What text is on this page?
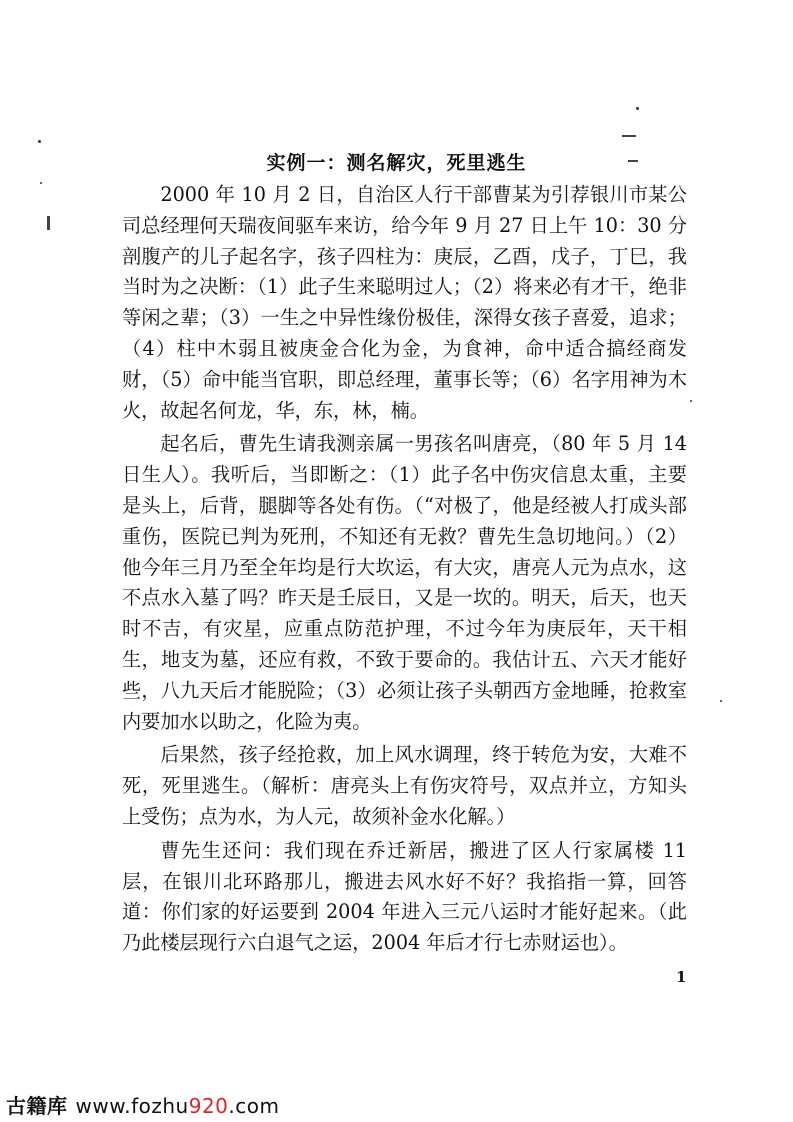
实例一：测名解灾，死里逃生

2000 年 10 月 2 日，自治区人行干部曹某为引荐银川市某公司总经理何天瑞夜间驱车来访，给今年 9 月 27 日上午 10：30 分剖腹产的儿子起名字，孩子四柱为：庚辰，乙酉，戊子，丁巳，我当时为之决断：（1）此子生来聪明过人；（2）将来必有才干，绝非等闲之辈；（3）一生之中异性缘份极佳，深得女孩子喜爱，追求；（4）柱中木弱且被庚金合化为金，为食神，命中适合搞经商发财，（5）命中能当官职，即总经理，董事长等；（6）名字用神为木火，故起名何龙，华，东，林，楠。

起名后，曹先生请我测亲属一男孩名叫唐亮，（80 年 5 月 14 日生人）。我听后，当即断之：（1）此子名中伤灾信息太重，主要是头上，后背，腿脚等各处有伤。（“对极了，他是经被人打成头部重伤，医院已判为死刑，不知还有无救？曹先生急切地问。）（2）他今年三月乃至全年均是行大坎运，有大灾，唐亮人元为点水，这不点水入墓了吗？昨天是壬辰日，又是一坎的。明天，后天，也天时不吉，有灾星，应重点防范护理，不过今年为庚辰年，天干相生，地支为墓，还应有救，不致于要命的。我估计五、六天才能好些，八九天后才能脱险；（3）必须让孩子头朝西方金地睡，抢救室内要加水以助之，化险为夷。

后果然，孩子经抢救，加上风水调理，终于转危为安，大难不死，死里逃生。（解析：唐亮头上有伤灾符号，双点并立，方知头上受伤；点为水，为人元，故须补金水化解。）

曹先生还问：我们现在乔迁新居，搬进了区人行家属楼 11 层，在银川北环路那儿，搬进去风水好不好？我掐指一算，回答道：你们家的好运要到 2004 年进入三元八运时才能好起来。（此乃此楼层现行六白退气之运，2004 年后才行七赤财运也）。

1
古籍库 www.fozhu920.com
